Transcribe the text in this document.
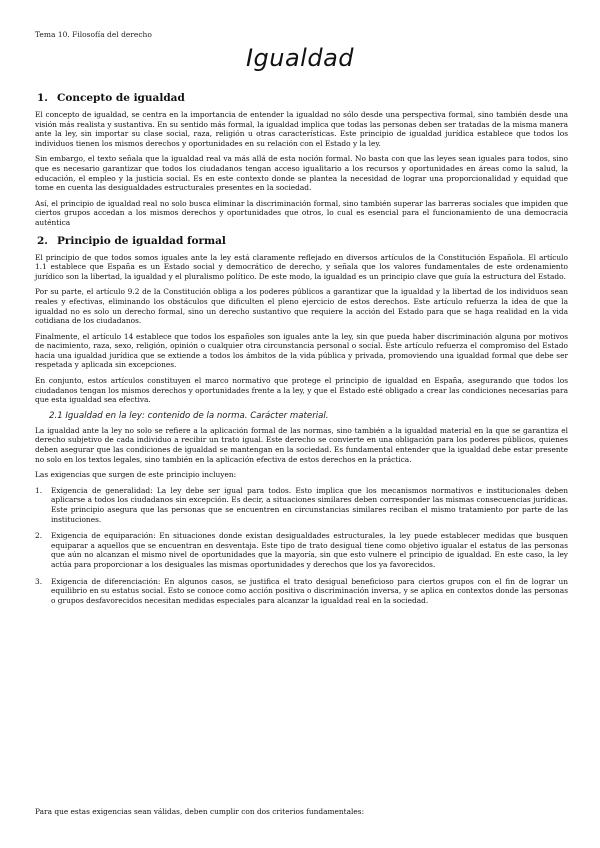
Tema 10. Filosofía del derecho
Igualdad
1. Concepto de igualdad

El concepto de igualdad, se centra en la importancia de entender la igualdad no sólo desde una perspectiva formal, sino también desde una visión más realista y sustantiva. En su sentido más formal, la igualdad implica que todas las personas deben ser tratadas de la misma manera ante la ley, sin importar su clase social, raza, religión u otras características. Este principio de igualdad jurídica establece que todos los individuos tienen los mismos derechos y oportunidades en su relación con el Estado y la ley.

Sin embargo, el texto señala que la igualdad real va más allá de esta noción formal. No basta con que las leyes sean iguales para todos, sino que es necesario garantizar que todos los ciudadanos tengan acceso igualitario a los recursos y oportunidades en áreas como la salud, la educación, el empleo y la justicia social. Es en este contexto donde se plantea la necesidad de lograr una proporcionalidad y equidad que tome en cuenta las desigualdades estructurales presentes en la sociedad.

Así, el principio de igualdad real no solo busca eliminar la discriminación formal, sino también superar las barreras sociales que impiden que ciertos grupos accedan a los mismos derechos y oportunidades que otros, lo cual es esencial para el funcionamiento de una democracia auténtica

2. Principio de igualdad formal

El principio de que todos somos iguales ante la ley está claramente reflejado en diversos artículos de la Constitución Española. El artículo 1.1 establece que España es un Estado social y democrático de derecho, y señala que los valores fundamentales de este ordenamiento jurídico son la libertad, la igualdad y el pluralismo político. De este modo, la igualdad es un principio clave que guía la estructura del Estado.

Por su parte, el artículo 9.2 de la Constitución obliga a los poderes públicos a garantizar que la igualdad y la libertad de los individuos sean reales y efectivas, eliminando los obstáculos que dificulten el pleno ejercicio de estos derechos. Este artículo refuerza la idea de que la igualdad no es solo un derecho formal, sino un derecho sustantivo que requiere la acción del Estado para que se haga realidad en la vida cotidiana de los ciudadanos.

Finalmente, el artículo 14 establece que todos los españoles son iguales ante la ley, sin que pueda haber discriminación alguna por motivos de nacimiento, raza, sexo, religión, opinión o cualquier otra circunstancia personal o social. Este artículo refuerza el compromiso del Estado hacia una igualdad jurídica que se extiende a todos los ámbitos de la vida pública y privada, promoviendo una igualdad formal que debe ser respetada y aplicada sin excepciones.

En conjunto, estos artículos constituyen el marco normativo que protege el principio de igualdad en España, asegurando que todos los ciudadanos tengan los mismos derechos y oportunidades frente a la ley, y que el Estado esté obligado a crear las condiciones necesarias para que esta igualdad sea efectiva.

2.1 Igualdad en la ley: contenido de la norma. Carácter material.

La igualdad ante la ley no solo se refiere a la aplicación formal de las normas, sino también a la igualdad material en la que se garantiza el derecho subjetivo de cada individuo a recibir un trato igual. Este derecho se convierte en una obligación para los poderes públicos, quienes deben asegurar que las condiciones de igualdad se mantengan en la sociedad. Es fundamental entender que la igualdad debe estar presente no solo en los textos legales, sino también en la aplicación efectiva de estos derechos en la práctica.

Las exigencias que surgen de este principio incluyen:

1.	Exigencia de generalidad: La ley debe ser igual para todos. Esto implica que los mecanismos normativos e institucionales deben aplicarse a todos los ciudadanos sin excepción. Es decir, a situaciones similares deben corresponder las mismas consecuencias jurídicas. Este principio asegura que las personas que se encuentren en circunstancias similares reciban el mismo tratamiento por parte de las instituciones.
2.	Exigencia de equiparación: En situaciones donde existan desigualdades estructurales, la ley puede establecer medidas que busquen equiparar a aquellos que se encuentran en desventaja. Este tipo de trato desigual tiene como objetivo igualar el estatus de las personas que aún no alcanzan el mismo nivel de oportunidades que la mayoría, sin que esto vulnere el principio de igualdad. En este caso, la ley actúa para proporcionar a los desiguales las mismas oportunidades y derechos que los ya favorecidos.
3.	Exigencia de diferenciación: En algunos casos, se justifica el trato desigual beneficioso para ciertos grupos con el fin de lograr un equilibrio en su estatus social. Esto se conoce como acción positiva o discriminación inversa, y se aplica en contextos donde las personas o grupos desfavorecidos necesitan medidas especiales para alcanzar la igualdad real en la sociedad.

Para que estas exigencias sean válidas, deben cumplir con dos criterios fundamentales:
